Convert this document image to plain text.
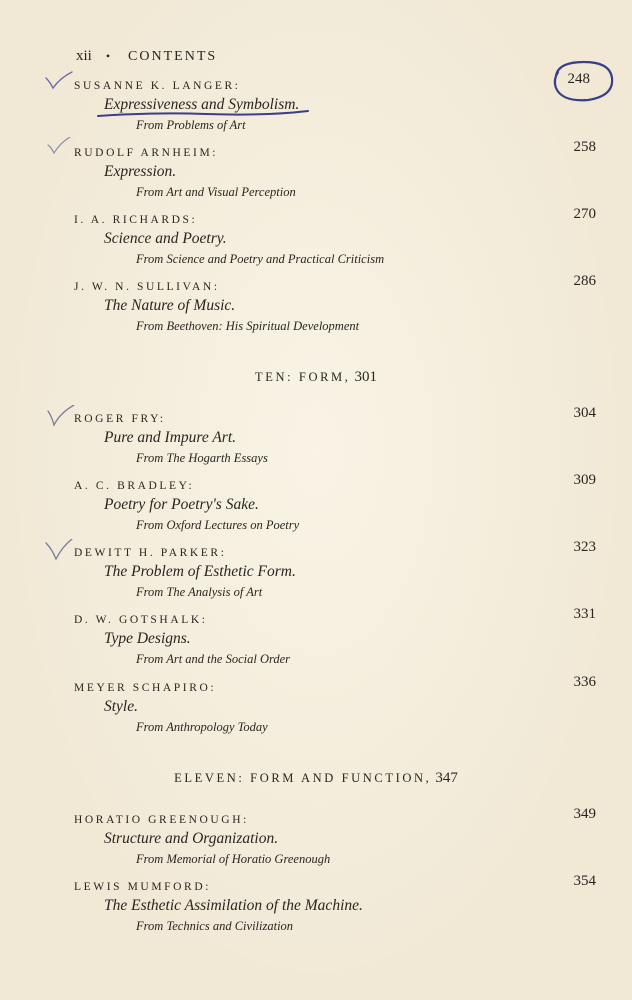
xii • CONTENTS
SUSANNE K. LANGER:
Expressiveness and Symbolism.
From Problems of Art
248
RUDOLF ARNHEIM:
Expression.
From Art and Visual Perception
258
I. A. RICHARDS:
Science and Poetry.
From Science and Poetry and Practical Criticism
270
J. W. N. SULLIVAN:
The Nature of Music.
From Beethoven: His Spiritual Development
286
TEN: FORM, 301
ROGER FRY:
Pure and Impure Art.
From The Hogarth Essays
304
A. C. BRADLEY:
Poetry for Poetry's Sake.
From Oxford Lectures on Poetry
309
DEWITT H. PARKER:
The Problem of Esthetic Form.
From The Analysis of Art
323
D. W. GOTSHALK:
Type Designs.
From Art and the Social Order
331
MEYER SCHAPIRO:
Style.
From Anthropology Today
336
ELEVEN: FORM AND FUNCTION, 347
HORATIO GREENOUGH:
Structure and Organization.
From Memorial of Horatio Greenough
349
LEWIS MUMFORD:
The Esthetic Assimilation of the Machine.
From Technics and Civilization
354
